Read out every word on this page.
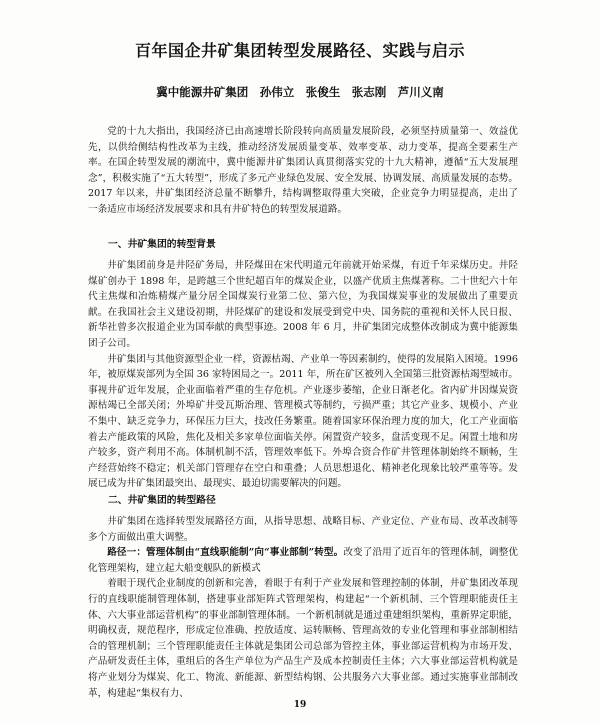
百年国企井矿集团转型发展路径、实践与启示
冀中能源井矿集团　孙伟立　张俊生　张志刚　芦川义南

党的十九大指出，我国经济已由高速增长阶段转向高质量发展阶段，必须坚持质量第一、效益优先，以供给侧结构性改革为主线，推动经济发展质量变革、效率变革、动力变革，提高全要素生产率。在国企转型发展的潮流中，冀中能源井矿集团认真贯彻落实党的十九大精神，遵循“五大发展理念”，积极实施了“五大转型”，形成了多元产业绿色发展、安全发展、协调发展、高质量发展的态势。2017 年以来，井矿集团经济总量不断攀升，结构调整取得重大突破，企业竞争力明显提高，走出了一条适应市场经济发展要求和具有井矿特色的转型发展道路。

一、井矿集团的转型背景

井矿集团前身是井陉矿务局，井陉煤田在宋代明道元年前就开始采煤，有近千年采煤历史。井陉煤矿创办于 1898 年，是跨越三个世纪超百年的煤炭企业，以盛产优质主焦煤著称。二十世纪六十年代主焦煤和冶炼精煤产量分居全国煤炭行业第二位、第六位，为我国煤炭事业的发展做出了重要贡献。在我国社会主义建设初期，井陉煤矿的建设和发展受到党中央、国务院的重视和关怀人民日报、新华社曾多次报道企业为国奉献的典型事迹。2008 年 6 月，井矿集团完成整体改制成为冀中能源集团子公司。

井矿集团与其他资源型企业一样，资源枯竭、产业单一等因素制约，使得的发展陷入困境。1996 年，被原煤炭部列为全国 36 家特困局之一。2011 年，所在矿区被列入全国第三批资源枯竭型城市。事视井矿近年发展，企业面临着严重的生存危机。产业逐步萎缩，企业日渐老化。省内矿井因煤炭资源枯竭已全部关闭；外埠矿井受瓦斯治理、管理模式等制约，亏损严重；其它产业多、规模小、产业不集中、缺乏竞争力，环保压力巨大，技改任务繁重。随着国家环保治理力度的加大，化工产业面临着去产能政策的风险，焦化及相关多家单位面临关停。闲置资产较多，盘活变现不足。闲置土地和房产较多，资产利用不高。体制机制不活，管理效率低下。外埠合资合作矿井管理体制始终不顺畅，生产经营始终不稳定；机关部门管理存在空白和重叠；人员思想退化、精神老化现象比较严重等等。发展已成为井矿集团最突出、最现实、最迫切需要解决的问题。

二、井矿集团的转型路径

井矿集团在选择转型发展路径方面，从指导思想、战略目标、产业定位、产业布局、改革改制等多个方面做出重大调整。

路径一：管理体制由“直线职能制”向“事业部制”转型。改变了沿用了近百年的管理体制，调整优化管理架构，建立起大船变舰队的新模式

着眼于现代企业制度的创新和完善，着眼于有利于产业发展和管理控制的体制，井矿集团改革现行的直线职能制管理体制，搭建事业部矩阵式管理架构，构建起“一个新机制、三个管理职能责任主体、六大事业部运营机构”的事业部制管理体制。一个新机制就是通过重建组织架构，重新界定职能，明确权责，规范程序，形成定位准确、控放适度、运转顺畅、管理高效的专业化管理和事业部制相结合的管理机制；三个管理职能责任主体就是集团公司总部为管控主体，事业部运营机构为市场开发、产品研发责任主体，重组后的各生产单位为产品生产及成本控制责任主体；六大事业部运营机构就是将产业划分为煤炭、化工、物流、新能源、新型结构钢、公共服务六大事业部。通过实施事业部制改革，构建起“集权有力、

19
